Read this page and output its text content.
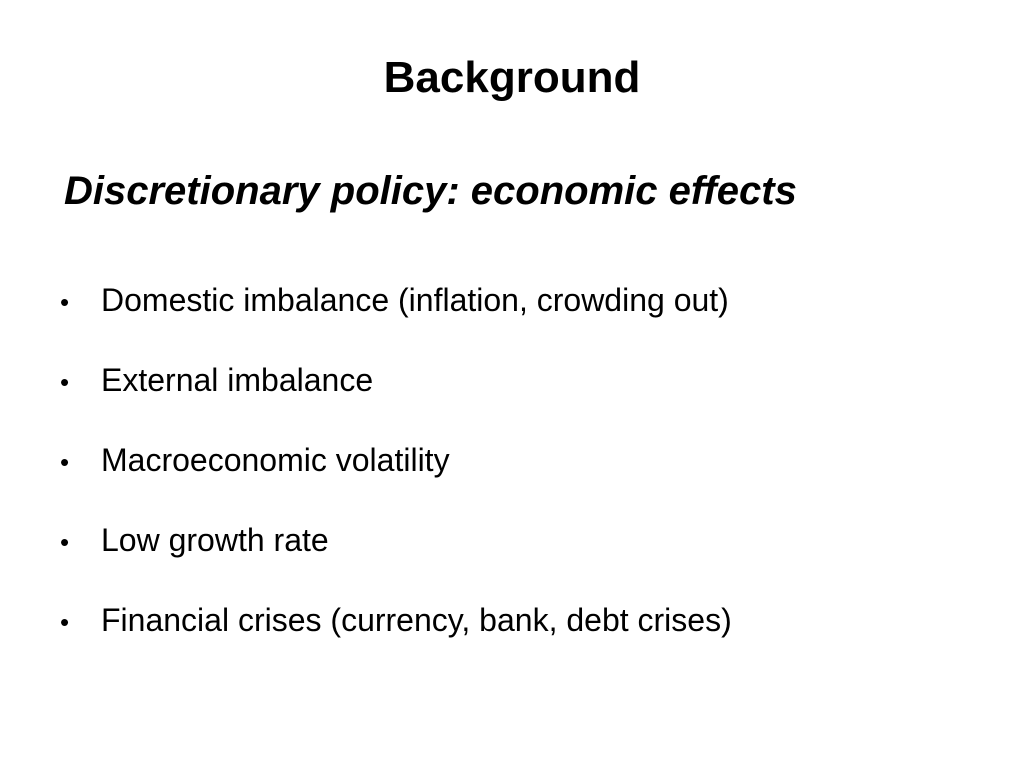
Background
Discretionary policy: economic effects
• Domestic imbalance (inflation, crowding out)
• External imbalance
• Macroeconomic volatility
• Low growth rate
• Financial crises (currency, bank, debt crises)
